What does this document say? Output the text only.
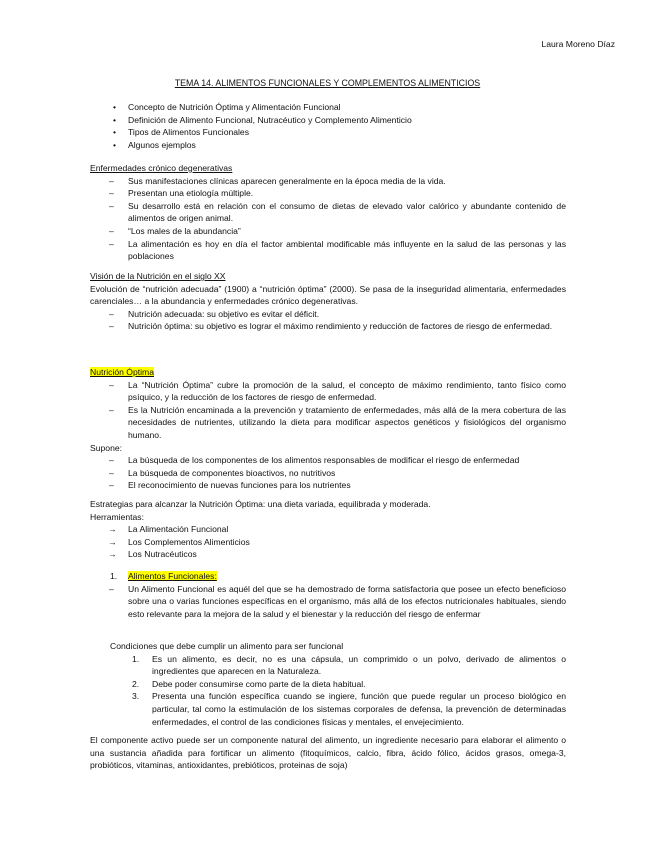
Laura Moreno Díaz
TEMA 14. ALIMENTOS FUNCIONALES Y COMPLEMENTOS ALIMENTICIOS
• Concepto de Nutrición Óptima y Alimentación Funcional
• Definición de Alimento Funcional, Nutracéutico y Complemento Alimenticio
• Tipos de Alimentos Funcionales
• Algunos ejemplos
Enfermedades crónico degenerativas
– Sus manifestaciones clínicas aparecen generalmente en la época media de la vida.
– Presentan una etiología múltiple.
– Su desarrollo está en relación con el consumo de dietas de elevado valor calórico y abundante contenido de alimentos de origen animal.
– “Los males de la abundancia”
– La alimentación es hoy en día el factor ambiental modificable más influyente en la salud de las personas y las poblaciones
Visión de la Nutrición en el siglo XX
Evolución de “nutrición adecuada” (1900) a “nutrición óptima” (2000). Se pasa de la inseguridad alimentaria, enfermedades carenciales… a la abundancia y enfermedades crónico degenerativas.
– Nutrición adecuada: su objetivo es evitar el déficit.
– Nutrición óptima: su objetivo es lograr el máximo rendimiento y reducción de factores de riesgo de enfermedad.
Nutrición Óptima
– La “Nutrición Óptima” cubre la promoción de la salud, el concepto de máximo rendimiento, tanto físico como psíquico, y la reducción de los factores de riesgo de enfermedad.
– Es la Nutrición encaminada a la prevención y tratamiento de enfermedades, más allá de la mera cobertura de las necesidades de nutrientes, utilizando la dieta para modificar aspectos genéticos y fisiológicos del organismo humano.
Supone:
– La búsqueda de los componentes de los alimentos responsables de modificar el riesgo de enfermedad
– La búsqueda de componentes bioactivos, no nutritivos
– El reconocimiento de nuevas funciones para los nutrientes
Estrategias para alcanzar la Nutrición Óptima: una dieta variada, equilibrada y moderada.
Herramientas:
→ La Alimentación Funcional
→ Los Complementos Alimenticios
→ Los Nutracéuticos
1. Alimentos Funcionales:
– Un Alimento Funcional es aquél del que se ha demostrado de forma satisfactoria que posee un efecto beneficioso sobre una o varias funciones específicas en el organismo, más allá de los efectos nutricionales habituales, siendo esto relevante para la mejora de la salud y el bienestar y la reducción del riesgo de enfermar
Condiciones que debe cumplir un alimento para ser funcional
1. Es un alimento, es decir, no es una cápsula, un comprimido o un polvo, derivado de alimentos o ingredientes que aparecen en la Naturaleza.
2. Debe poder consumirse como parte de la dieta habitual.
3. Presenta una función específica cuando se ingiere, función que puede regular un proceso biológico en particular, tal como la estimulación de los sistemas corporales de defensa, la prevención de determinadas enfermedades, el control de las condiciones físicas y mentales, el envejecimiento.
El componente activo puede ser un componente natural del alimento, un ingrediente necesario para elaborar el alimento o una sustancia añadida para fortificar un alimento (fitoquímicos, calcio, fibra, ácido fólico, ácidos grasos, omega-3, probióticos, vitaminas, antioxidantes, prebióticos, proteinas de soja)
